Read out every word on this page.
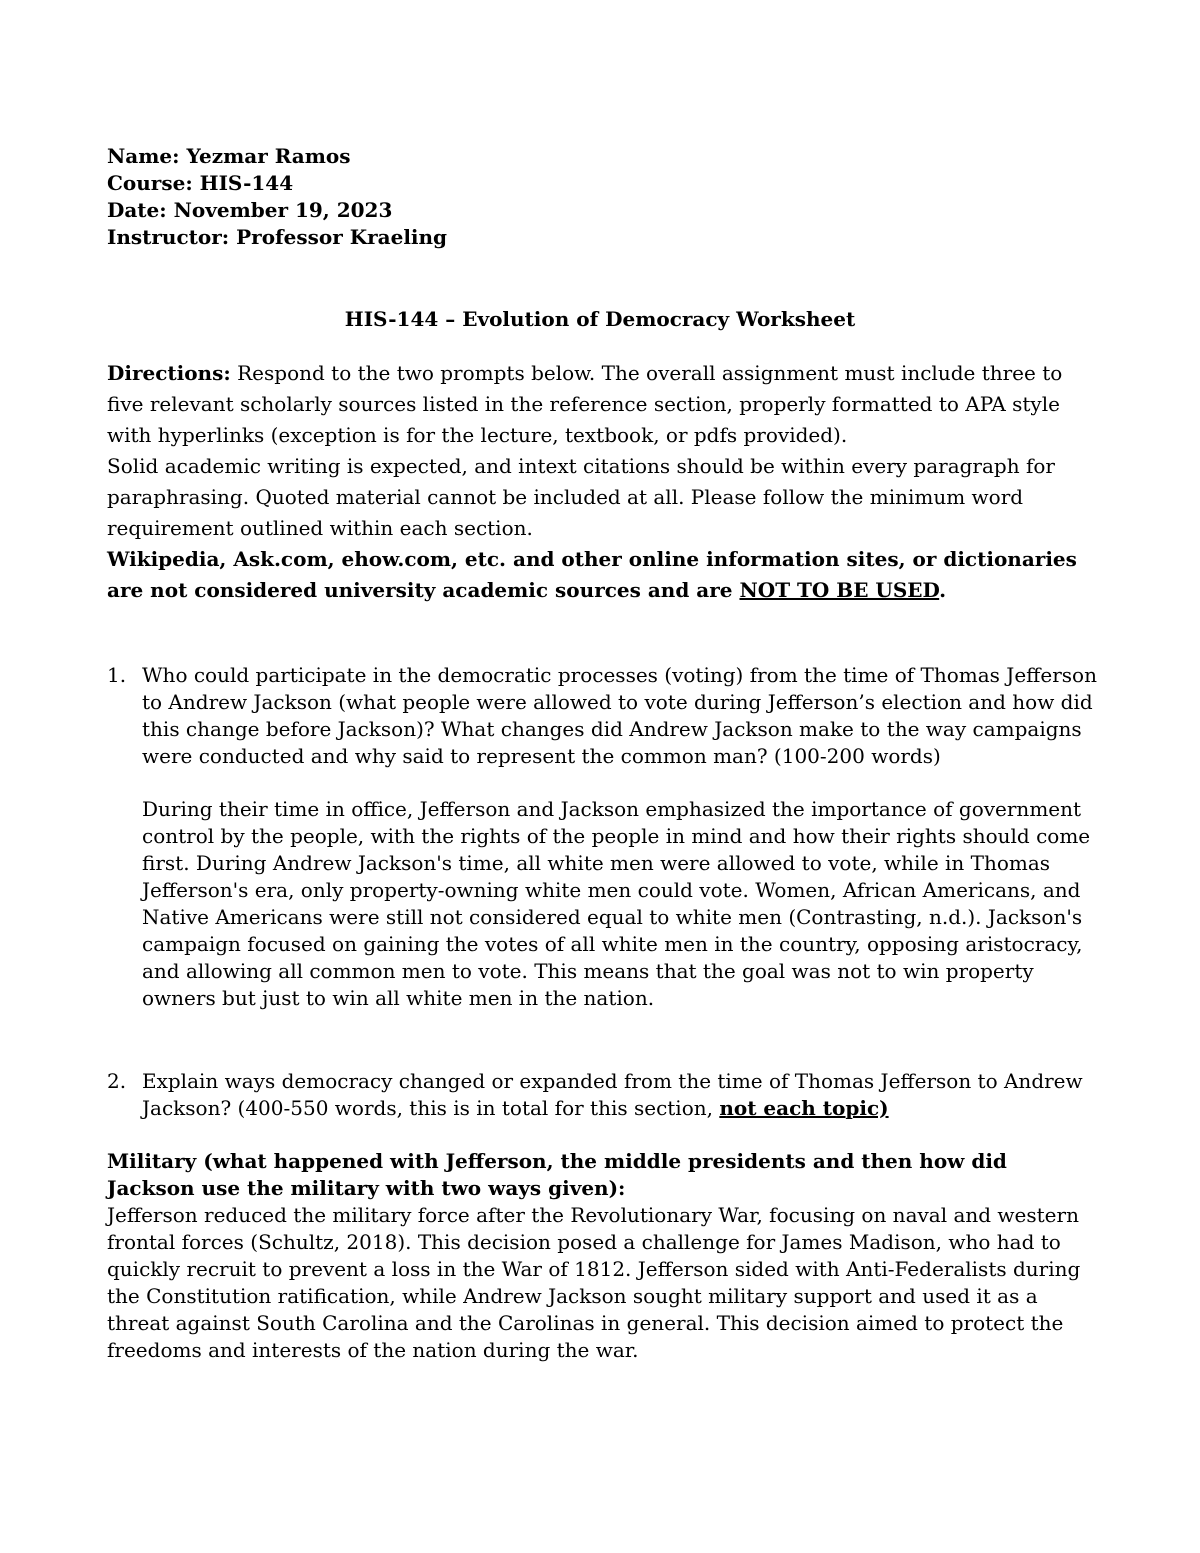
Name: Yezmar Ramos
Course: HIS-144
Date: November 19, 2023
Instructor: Professor Kraeling
HIS-144 – Evolution of Democracy Worksheet

Directions: Respond to the two prompts below. The overall assignment must include three to five relevant scholarly sources listed in the reference section, properly formatted to APA style with hyperlinks (exception is for the lecture, textbook, or pdfs provided).

Solid academic writing is expected, and intext citations should be within every paragraph for paraphrasing. Quoted material cannot be included at all. Please follow the minimum word requirement outlined within each section.

Wikipedia, Ask.com, ehow.com, etc. and other online information sites, or dictionaries are not considered university academic sources and are NOT TO BE USED.

1. Who could participate in the democratic processes (voting) from the time of Thomas Jefferson to Andrew Jackson (what people were allowed to vote during Jefferson’s election and how did this change before Jackson)? What changes did Andrew Jackson make to the way campaigns were conducted and why said to represent the common man? (100-200 words)
During their time in office, Jefferson and Jackson emphasized the importance of government control by the people, with the rights of the people in mind and how their rights should come first. During Andrew Jackson's time, all white men were allowed to vote, while in Thomas Jefferson's era, only property-owning white men could vote. Women, African Americans, and Native Americans were still not considered equal to white men (Contrasting, n.d.). Jackson's campaign focused on gaining the votes of all white men in the country, opposing aristocracy, and allowing all common men to vote. This means that the goal was not to win property owners but just to win all white men in the nation.
2. Explain ways democracy changed or expanded from the time of Thomas Jefferson to Andrew Jackson? (400-550 words, this is in total for this section, not each topic)
Military (what happened with Jefferson, the middle presidents and then how did Jackson use the military with two ways given):
Jefferson reduced the military force after the Revolutionary War, focusing on naval and western frontal forces (Schultz, 2018). This decision posed a challenge for James Madison, who had to quickly recruit to prevent a loss in the War of 1812. Jefferson sided with Anti-Federalists during the Constitution ratification, while Andrew Jackson sought military support and used it as a threat against South Carolina and the Carolinas in general. This decision aimed to protect the freedoms and interests of the nation during the war.
